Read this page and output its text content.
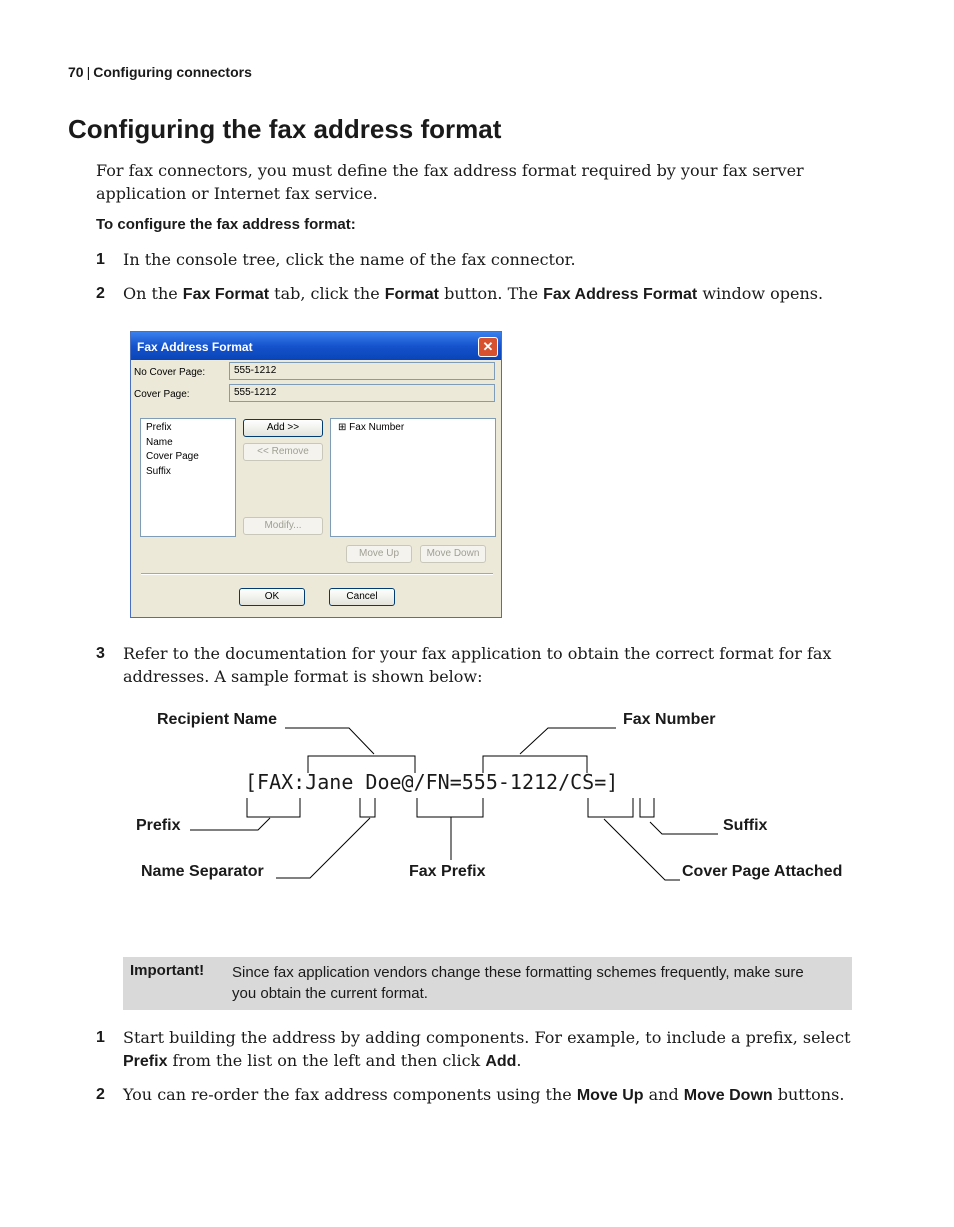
70 | Configuring connectors
Configuring the fax address format
For fax connectors, you must define the fax address format required by your fax server application or Internet fax service.
To configure the fax address format:
1 In the console tree, click the name of the fax connector.
2 On the Fax Format tab, click the Format button. The Fax Address Format window opens.
Fax Address Format	✕
No Cover Page:	555-1212
Cover Page:	555-1212
Prefix
Name
Cover Page
Suffix
Add >>
<< Remove
Modify...
⊞ Fax Number
Move Up	Move Down
OK	Cancel
3 Refer to the documentation for your fax application to obtain the correct format for fax addresses. A sample format is shown below:
[FAX:Jane Doe@/FN=555-1212/CS=]
Recipient Name	Fax Number
Prefix	Suffix
Name Separator	Fax Prefix	Cover Page Attached
Important! Since fax application vendors change these formatting schemes frequently, make sure you obtain the current format.
1 Start building the address by adding components. For example, to include a prefix, select Prefix from the list on the left and then click Add.
2 You can re-order the fax address components using the Move Up and Move Down buttons.
